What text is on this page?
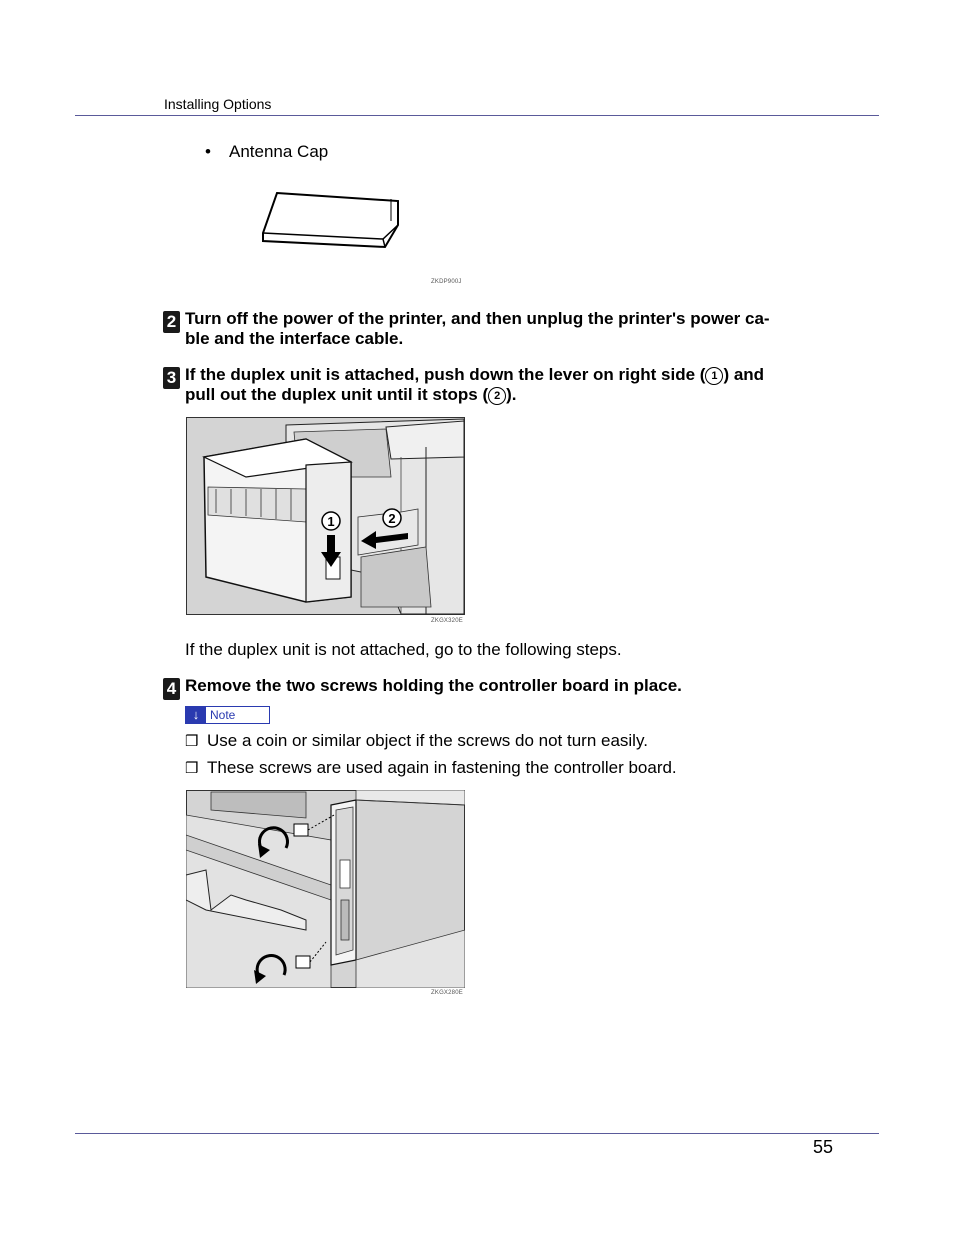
Installing Options
• Antenna Cap
ZKDP900J
2 Turn off the power of the printer, and then unplug the printer's power ca-
ble and the interface cable.
3 If the duplex unit is attached, push down the lever on right side ( 1 ) and
pull out the duplex unit until it stops ( 2 ).
1	2
ZKGX320E
If the duplex unit is not attached, go to the following steps.
4 Remove the two screws holding the controller board in place.
↓ Note
❒ Use a coin or similar object if the screws do not turn easily.
❒ These screws are used again in fastening the controller board.
ZKGX280E
55
